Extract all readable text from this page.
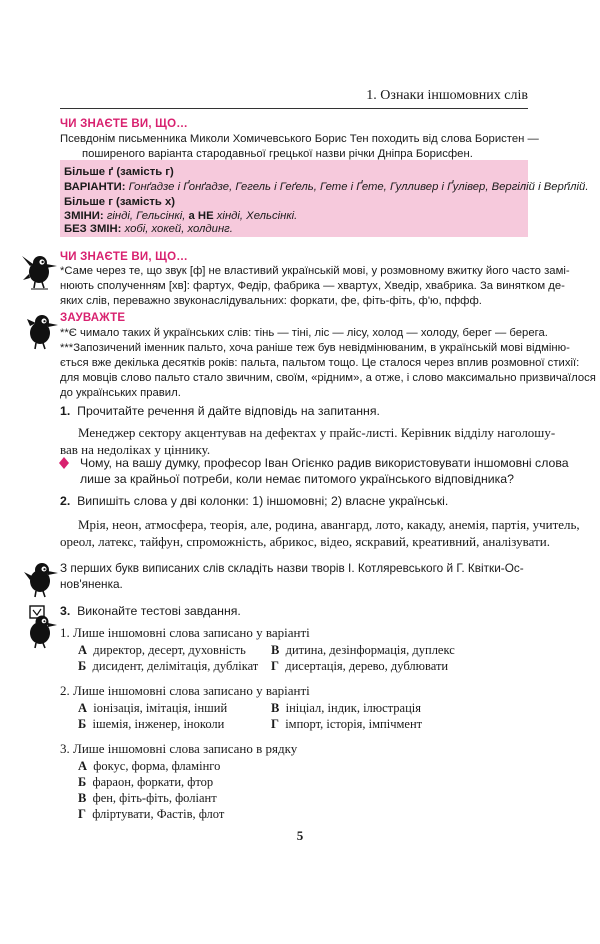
1. Ознаки іншомовних слів
ЧИ ЗНАЄТЕ ВИ, ЩО…
Псевдонім письменника Миколи Хомичевського Борис Тен походить від слова Бористен —
поширеного варіанта стародавньої грецької назви річки Дніпра Борисфен.
Більше ґ (замість г)
ВАРІАНТИ: Гонґадзе і Ґонґадзе, Гегель і Геґель, Гете і Ґете, Гулливер і Ґулівер, Вергілій і Верґілій.
Більше г (замість х)
ЗМІНИ: гінді, Гельсінкі, а НЕ хінді, Хельсінкі.
БЕЗ ЗМІН: хобі, хокей, холдинг.
ЧИ ЗНАЄТЕ ВИ, ЩО…
*Саме через те, що звук [ф] не властивий українській мові, у розмовному вжитку його часто замі-
нюють сполученням [хв]: фартух, Федір, фабрика — хвартух, Хведір, хвабрика. За винятком де-
яких слів, переважно звуконаслідувальних: форкати, фе, фіть-фіть, ф'ю, пффф.
ЗАУВАЖТЕ
**Є чимало таких й українських слів: тінь — тіні, ліс — лісу, холод — холоду, берег — берега.
***Запозичений іменник пальто, хоча раніше теж був невідмінюваним, в українській мові відміню-
ється вже декілька десятків років: пальта, пальтом тощо. Це сталося через вплив розмовної стихії:
для мовців слово пальто стало звичним, своїм, «рідним», а отже, і слово максимально призвичаїлося
до українських правил.
1. Прочитайте речення й дайте відповідь на запитання.
Менеджер сектору акцентував на дефектах у прайс-листі. Керівник відділу наголошу-
вав на недоліках у ціннику.
Чому, на вашу думку, професор Іван Огієнко радив використовувати іншомовні слова
лише за крайньої потреби, коли немає питомого українського відповідника?
2. Випишіть слова у дві колонки: 1) іншомовні; 2) власне українські.
Мрія, неон, атмосфера, теорія, але, родина, авангард, лото, какаду, анемія, партія, учитель,
ореол, латекс, тайфун, спроможність, абрикос, відео, яскравий, креативний, аналізувати.
З перших букв виписаних слів складіть назви творів І. Котляревського й Г. Квітки-Ос-
нов'яненка.
3. Виконайте тестові завдання.
1. Лише іншомовні слова записано у варіанті
А директор, десерт, духовність
Б дисидент, делімітація, дублікат
В дитина, дезінформація, дуплекс
Г дисертація, дерево, дублювати
2. Лише іншомовні слова записано у варіанті
А іонізація, імітація, інший
Б ішемія, інженер, іноколи
В ініціал, індик, ілюстрація
Г імпорт, історія, імпічмент
3. Лише іншомовні слова записано в рядку
А фокус, форма, фламінго
Б фараон, форкати, фтор
В фен, фіть-фіть, фоліант
Г фліртувати, Фастів, флот
5
